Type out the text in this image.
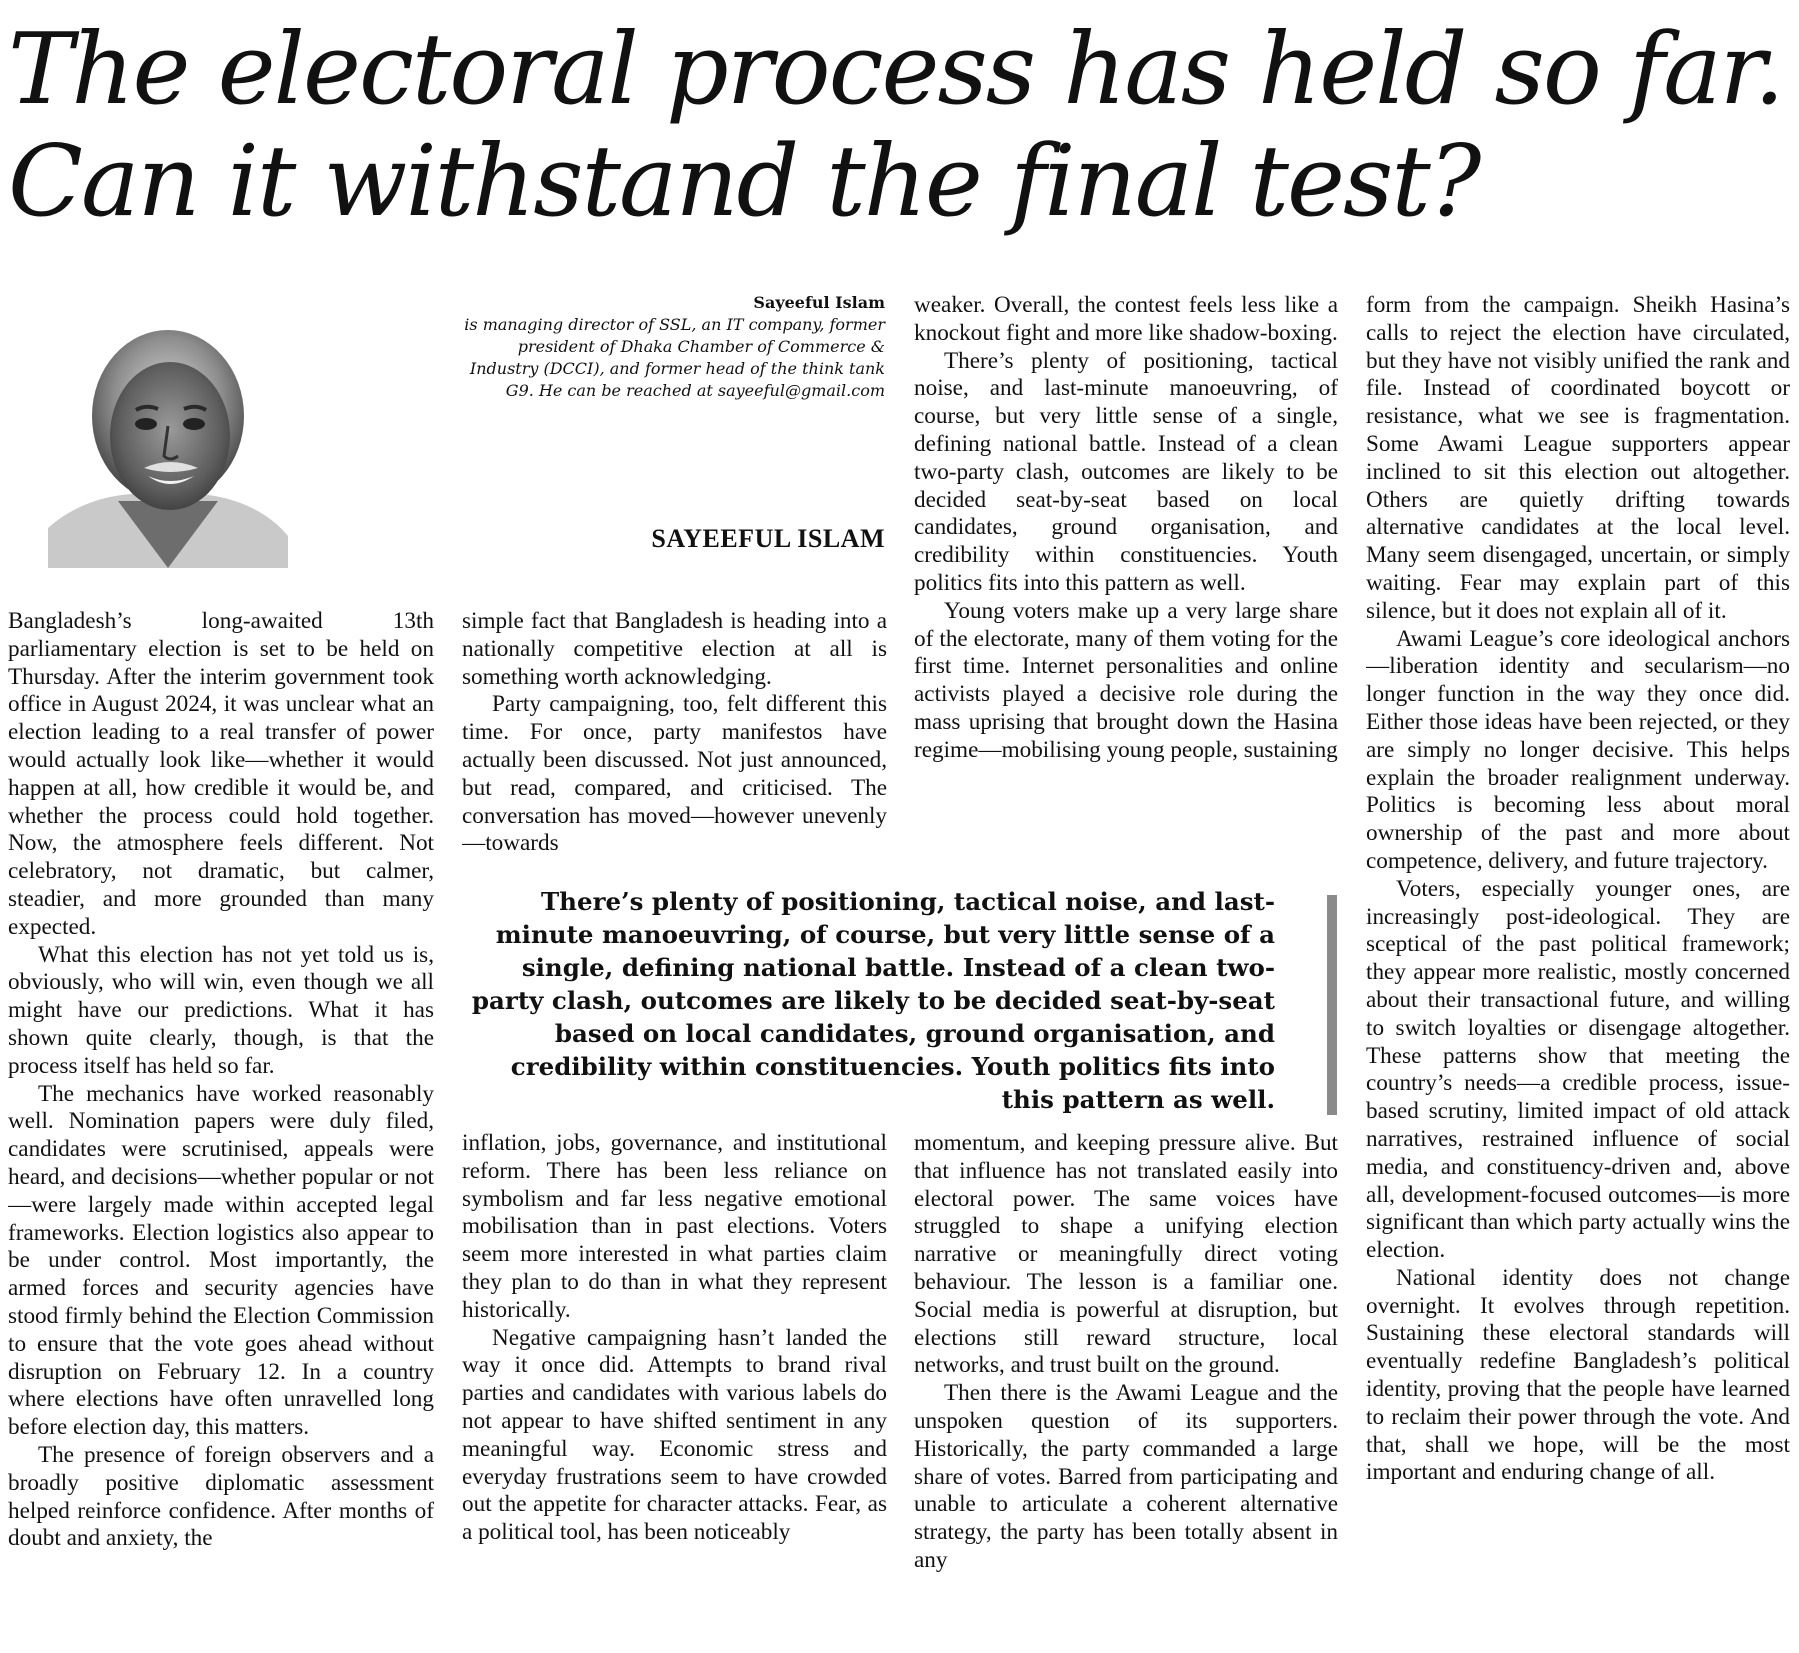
The electoral process has held so far. Can it withstand the final test?
Sayeeful Islam
is managing director of SSL, an IT company, former president of Dhaka Chamber of Commerce & Industry (DCCI), and former head of the think tank G9. He can be reached at sayeeful@gmail.com
SAYEEFUL ISLAM

Bangladesh’s long-awaited 13th parliamentary election is set to be held on Thursday. After the interim government took office in August 2024, it was unclear what an election leading to a real transfer of power would actually look like—whether it would happen at all, how credible it would be, and whether the process could hold together. Now, the atmosphere feels different. Not celebratory, not dramatic, but calmer, steadier, and more grounded than many expected.

What this election has not yet told us is, obviously, who will win, even though we all might have our predictions. What it has shown quite clearly, though, is that the process itself has held so far.

The mechanics have worked reasonably well. Nomination papers were duly filed, candidates were scrutinised, appeals were heard, and decisions—whether popular or not—were largely made within accepted legal frameworks. Election logistics also appear to be under control. Most importantly, the armed forces and security agencies have stood firmly behind the Election Commission to ensure that the vote goes ahead without disruption on February 12. In a country where elections have often unravelled long before election day, this matters.

The presence of foreign observers and a broadly positive diplomatic assessment helped reinforce confidence. After months of doubt and anxiety, the

simple fact that Bangladesh is heading into a nationally competitive election at all is something worth acknowledging.

Party campaigning, too, felt different this time. For once, party manifestos have actually been discussed. Not just announced, but read, compared, and criticised. The conversation has moved—however unevenly—towards

inflation, jobs, governance, and institutional reform. There has been less reliance on symbolism and far less negative emotional mobilisation than in past elections. Voters seem more interested in what parties claim they plan to do than in what they represent historically.

Negative campaigning hasn’t landed the way it once did. Attempts to brand rival parties and candidates with various labels do not appear to have shifted sentiment in any meaningful way. Economic stress and everyday frustrations seem to have crowded out the appetite for character attacks. Fear, as a political tool, has been noticeably

weaker. Overall, the contest feels less like a knockout fight and more like shadow-boxing.

There’s plenty of positioning, tactical noise, and last-minute manoeuvring, of course, but very little sense of a single, defining national battle. Instead of a clean two-party clash, outcomes are likely to be decided seat-by-seat based on local candidates, ground organisation, and credibility within constituencies. Youth politics fits into this pattern as well.

Young voters make up a very large share of the electorate, many of them voting for the first time. Internet personalities and online activists played a decisive role during the mass uprising that brought down the Hasina regime—mobilising young people, sustaining

momentum, and keeping pressure alive. But that influence has not translated easily into electoral power. The same voices have struggled to shape a unifying election narrative or meaningfully direct voting behaviour. The lesson is a familiar one. Social media is powerful at disruption, but elections still reward structure, local networks, and trust built on the ground.

Then there is the Awami League and the unspoken question of its supporters. Historically, the party commanded a large share of votes. Barred from participating and unable to articulate a coherent alternative strategy, the party has been totally absent in any

form from the campaign. Sheikh Hasina’s calls to reject the election have circulated, but they have not visibly unified the rank and file. Instead of coordinated boycott or resistance, what we see is fragmentation. Some Awami League supporters appear inclined to sit this election out altogether. Others are quietly drifting towards alternative candidates at the local level. Many seem disengaged, uncertain, or simply waiting. Fear may explain part of this silence, but it does not explain all of it.

Awami League’s core ideological anchors—liberation identity and secularism—no longer function in the way they once did. Either those ideas have been rejected, or they are simply no longer decisive. This helps explain the broader realignment underway. Politics is becoming less about moral ownership of the past and more about competence, delivery, and future trajectory.

Voters, especially younger ones, are increasingly post-ideological. They are sceptical of the past political framework; they appear more realistic, mostly concerned about their transactional future, and willing to switch loyalties or disengage altogether. These patterns show that meeting the country’s needs—a credible process, issue-based scrutiny, limited impact of old attack narratives, restrained influence of social media, and constituency-driven and, above all, development-focused outcomes—is more significant than which party actually wins the election.

National identity does not change overnight. It evolves through repetition. Sustaining these electoral standards will eventually redefine Bangladesh’s political identity, proving that the people have learned to reclaim their power through the vote. And that, shall we hope, will be the most important and enduring change of all.

There’s plenty of positioning, tactical noise, and last-minute manoeuvring, of course, but very little sense of a single, defining national battle. Instead of a clean two-party clash, outcomes are likely to be decided seat-by-seat based on local candidates, ground organisation, and credibility within constituencies. Youth politics fits into this pattern as well.
